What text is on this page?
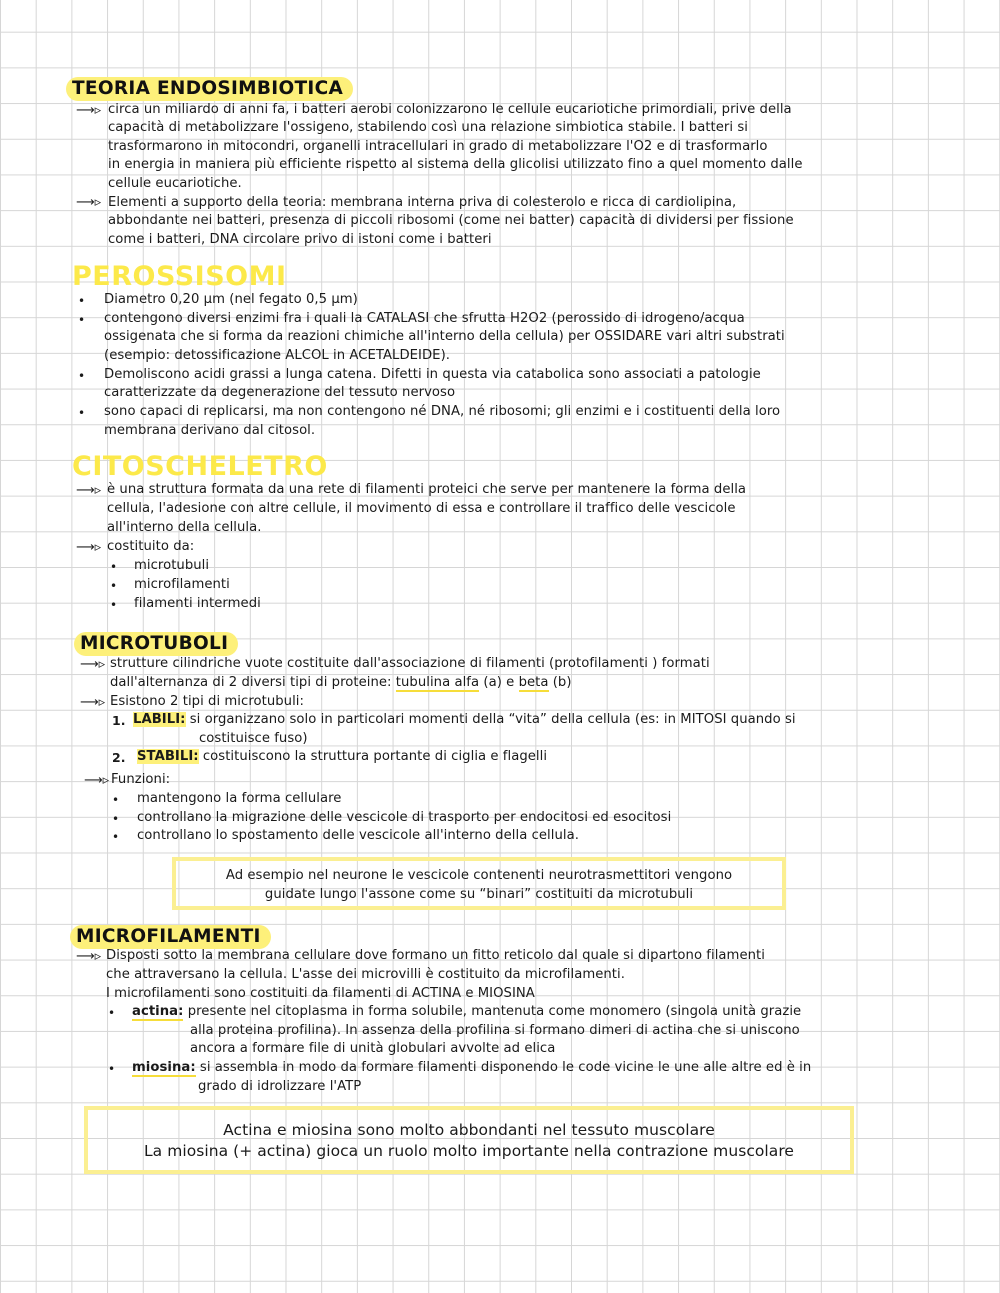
TEORIA ENDOSIMBIOTICA
⟶▹ circa un miliardo di anni fa, i batteri aerobi colonizzarono le cellule eucariotiche primordiali, prive della
capacità di metabolizzare l'ossigeno, stabilendo così una relazione simbiotica stabile. I batteri si
trasformarono in mitocondri, organelli intracellulari in grado di metabolizzare l'O2 e di trasformarlo
in energia in maniera più efficiente rispetto al sistema della glicolisi utilizzato fino a quel momento dalle
cellule eucariotiche.
⟶▹ Elementi a supporto della teoria: membrana interna priva di colesterolo e ricca di cardiolipina,
abbondante nei batteri, presenza di piccoli ribosomi (come nei batter) capacità di dividersi per fissione
come i batteri, DNA circolare privo di istoni come i batteri
PEROSSISOMI
• Diametro 0,20 μm (nel fegato 0,5 μm)
• contengono diversi enzimi fra i quali la CATALASI che sfrutta H2O2 (perossido di idrogeno/acqua
ossigenata che si forma da reazioni chimiche all'interno della cellula) per OSSIDARE vari altri substrati
(esempio: detossificazione ALCOL in ACETALDEIDE).
• Demoliscono acidi grassi a lunga catena. Difetti in questa via catabolica sono associati a patologie
caratterizzate da degenerazione del tessuto nervoso
• sono capaci di replicarsi, ma non contengono né DNA, né ribosomi; gli enzimi e i costituenti della loro
membrana derivano dal citosol.
CITOSCHELETRO
⟶▹ è una struttura formata da una rete di filamenti proteici che serve per mantenere la forma della
cellula, l'adesione con altre cellule, il movimento di essa e controllare il traffico delle vescicole
all'interno della cellula.
⟶▹ costituito da:
• microtubuli
• microfilamenti
• filamenti intermedi
MICROTUBOLI
⟶▹ strutture cilindriche vuote costituite dall'associazione di filamenti (protofilamenti ) formati
dall'alternanza di 2 diversi tipi di proteine: tubulina alfa (a) e beta (b)
⟶▹ Esistono 2 tipi di microtubuli:
1. LABILI: si organizzano solo in particolari momenti della “vita” della cellula (es: in MITOSI quando si
costituisce fuso)
2. STABILI: costituiscono la struttura portante di ciglia e flagelli
⟶▹ Funzioni:
• mantengono la forma cellulare
• controllano la migrazione delle vescicole di trasporto per endocitosi ed esocitosi
• controllano lo spostamento delle vescicole all'interno della cellula.
Ad esempio nel neurone le vescicole contenenti neurotrasmettitori vengono
guidate lungo l'assone come su “binari” costituiti da microtubuli
MICROFILAMENTI
⟶▹ Disposti sotto la membrana cellulare dove formano un fitto reticolo dal quale si dipartono filamenti
che attraversano la cellula. L'asse dei microvilli è costituito da microfilamenti.
I microfilamenti sono costituiti da filamenti di ACTINA e MIOSINA
• actina: presente nel citoplasma in forma solubile, mantenuta come monomero (singola unità grazie
alla proteina profilina). In assenza della profilina si formano dimeri di actina che si uniscono
ancora a formare file di unità globulari avvolte ad elica
• miosina: si assembla in modo da formare filamenti disponendo le code vicine le une alle altre ed è in
grado di idrolizzare l'ATP
Actina e miosina sono molto abbondanti nel tessuto muscolare
La miosina (+ actina) gioca un ruolo molto importante nella contrazione muscolare
